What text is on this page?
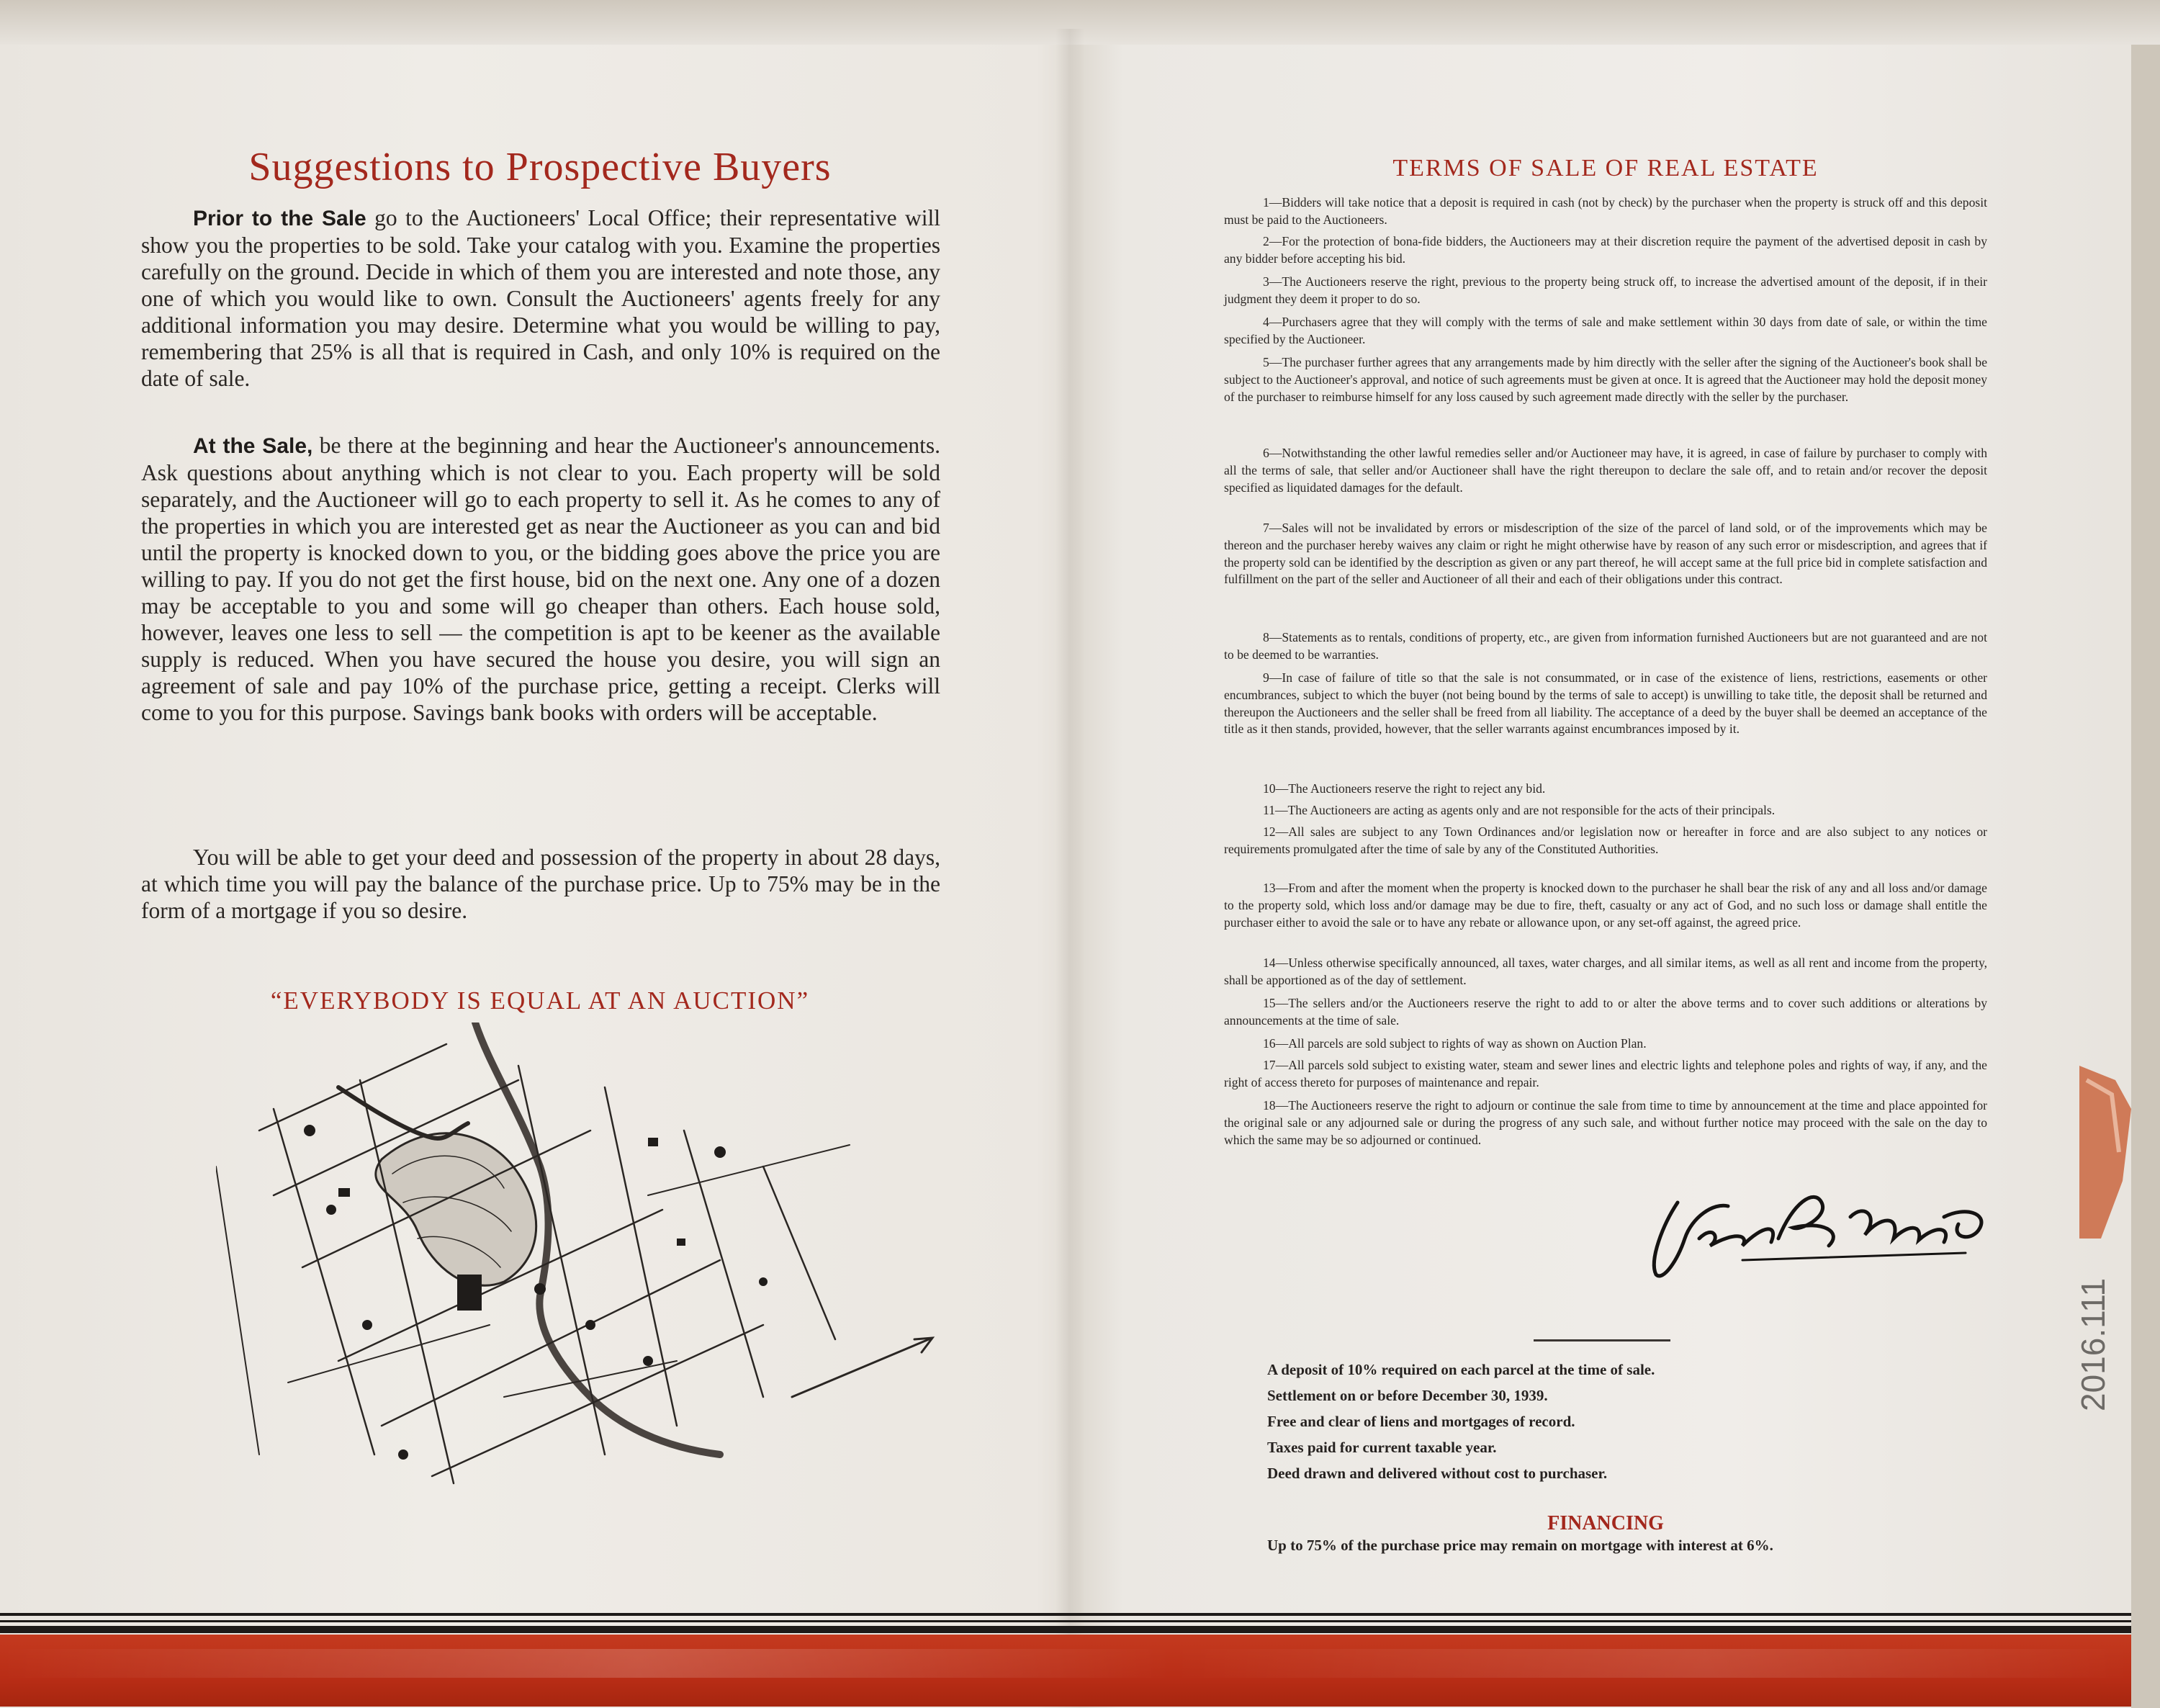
Suggestions to Prospective Buyers

Prior to the Sale go to the Auctioneers' Local Office; their representative will show you the properties to be sold. Take your catalog with you. Examine the properties carefully on the ground. Decide in which of them you are interested and note those, any one of which you would like to own. Consult the Auctioneers' agents freely for any additional information you may desire. Determine what you would be willing to pay, remembering that 25% is all that is required in Cash, and only 10% is required on the date of sale.

At the Sale, be there at the beginning and hear the Auctioneer's announcements. Ask questions about anything which is not clear to you. Each property will be sold separately, and the Auctioneer will go to each property to sell it. As he comes to any of the properties in which you are interested get as near the Auctioneer as you can and bid until the property is knocked down to you, or the bidding goes above the price you are willing to pay. If you do not get the first house, bid on the next one. Any one of a dozen may be acceptable to you and some will go cheaper than others. Each house sold, however, leaves one less to sell — the competition is apt to be keener as the available supply is reduced. When you have secured the house you desire, you will sign an agreement of sale and pay 10% of the purchase price, getting a receipt. Clerks will come to you for this purpose. Savings bank books with orders will be acceptable.

You will be able to get your deed and possession of the property in about 28 days, at which time you will pay the balance of the purchase price. Up to 75% may be in the form of a mortgage if you so desire.

“EVERYBODY IS EQUAL AT AN AUCTION”
TERMS OF SALE OF REAL ESTATE

1—Bidders will take notice that a deposit is required in cash (not by check) by the purchaser when the property is struck off and this deposit must be paid to the Auctioneers.

2—For the protection of bona-fide bidders, the Auctioneers may at their discretion require the payment of the advertised deposit in cash by any bidder before accepting his bid.

3—The Auctioneers reserve the right, previous to the property being struck off, to increase the advertised amount of the deposit, if in their judgment they deem it proper to do so.

4—Purchasers agree that they will comply with the terms of sale and make settlement within 30 days from date of sale, or within the time specified by the Auctioneer.

5—The purchaser further agrees that any arrangements made by him directly with the seller after the signing of the Auctioneer's book shall be subject to the Auctioneer's approval, and notice of such agreements must be given at once. It is agreed that the Auctioneer may hold the deposit money of the purchaser to reimburse himself for any loss caused by such agreement made directly with the seller by the purchaser.

6—Notwithstanding the other lawful remedies seller and/or Auctioneer may have, it is agreed, in case of failure by purchaser to comply with all the terms of sale, that seller and/or Auctioneer shall have the right thereupon to declare the sale off, and to retain and/or recover the deposit specified as liquidated damages for the default.

7—Sales will not be invalidated by errors or misdescription of the size of the parcel of land sold, or of the improvements which may be thereon and the purchaser hereby waives any claim or right he might otherwise have by reason of any such error or misdescription, and agrees that if the property sold can be identified by the description as given or any part thereof, he will accept same at the full price bid in complete satisfaction and fulfillment on the part of the seller and Auctioneer of all their and each of their obligations under this contract.

8—Statements as to rentals, conditions of property, etc., are given from information furnished Auctioneers but are not guaranteed and are not to be deemed to be warranties.

9—In case of failure of title so that the sale is not consummated, or in case of the existence of liens, restrictions, easements or other encumbrances, subject to which the buyer (not being bound by the terms of sale to accept) is unwilling to take title, the deposit shall be returned and thereupon the Auctioneers and the seller shall be freed from all liability. The acceptance of a deed by the buyer shall be deemed an acceptance of the title as it then stands, provided, however, that the seller warrants against encumbrances imposed by it.

10—The Auctioneers reserve the right to reject any bid.

11—The Auctioneers are acting as agents only and are not responsible for the acts of their principals.

12—All sales are subject to any Town Ordinances and/or legislation now or hereafter in force and are also subject to any notices or requirements promulgated after the time of sale by any of the Constituted Authorities.

13—From and after the moment when the property is knocked down to the purchaser he shall bear the risk of any and all loss and/or damage to the property sold, which loss and/or damage may be due to fire, theft, casualty or any act of God, and no such loss or damage shall entitle the purchaser either to avoid the sale or to have any rebate or allowance upon, or any set-off against, the agreed price.

14—Unless otherwise specifically announced, all taxes, water charges, and all similar items, as well as all rent and income from the property, shall be apportioned as of the day of settlement.

15—The sellers and/or the Auctioneers reserve the right to add to or alter the above terms and to cover such additions or alterations by announcements at the time of sale.

16—All parcels are sold subject to rights of way as shown on Auction Plan.

17—All parcels sold subject to existing water, steam and sewer lines and electric lights and telephone poles and rights of way, if any, and the right of access thereto for purposes of maintenance and repair.

18—The Auctioneers reserve the right to adjourn or continue the sale from time to time by announcement at the time and place appointed for the original sale or any adjourned sale or during the progress of any such sale, and without further notice may proceed with the sale on the day to which the same may be so adjourned or continued.

A deposit of 10% required on each parcel at the time of sale.
Settlement on or before December 30, 1939.
Free and clear of liens and mortgages of record.
Taxes paid for current taxable year.
Deed drawn and delivered without cost to purchaser.
FINANCING
Up to 75% of the purchase price may remain on mortgage with interest at 6%.
2016.111
